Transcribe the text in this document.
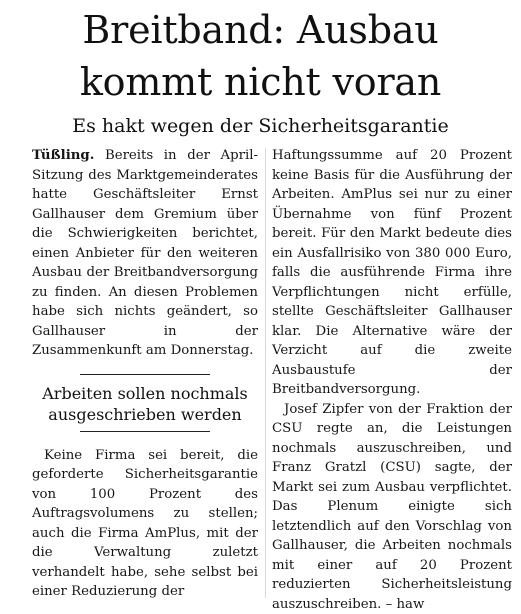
Breitband: Ausbau
kommt nicht voran
Es hakt wegen der Sicherheitsgarantie

Tüßling. Bereits in der April-Sitzung des Marktgemeinderates hatte Geschäftsleiter Ernst Gallhauser dem Gremium über die Schwierigkeiten berichtet, einen Anbieter für den weiteren Ausbau der Breitbandversorgung zu finden. An diesen Problemen habe sich nichts geändert, so Gallhauser in der Zusammenkunft am Donnerstag.

Arbeiten sollen nochmals
ausgeschrieben werden

Keine Firma sei bereit, die geforderte Sicherheitsgarantie von 100 Prozent des Auftragsvolumens zu stellen; auch die Firma AmPlus, mit der die Verwaltung zuletzt verhandelt habe, sehe selbst bei einer Reduzierung der

Haftungssumme auf 20 Prozent keine Basis für die Ausführung der Arbeiten. AmPlus sei nur zu einer Übernahme von fünf Prozent bereit. Für den Markt bedeute dies ein Ausfallrisiko von 380 000 Euro, falls die ausführende Firma ihre Verpflichtungen nicht erfülle, stellte Geschäftsleiter Gallhauser klar. Die Alternative wäre der Verzicht auf die zweite Ausbaustufe der Breitbandversorgung.

Josef Zipfer von der Fraktion der CSU regte an, die Leistungen nochmals auszuschreiben, und Franz Gratzl (CSU) sagte, der Markt sei zum Ausbau verpflichtet. Das Plenum einigte sich letztendlich auf den Vorschlag von Gallhauser, die Arbeiten nochmals mit einer auf 20 Prozent reduzierten Sicherheitsleistung auszuschreiben. – haw
